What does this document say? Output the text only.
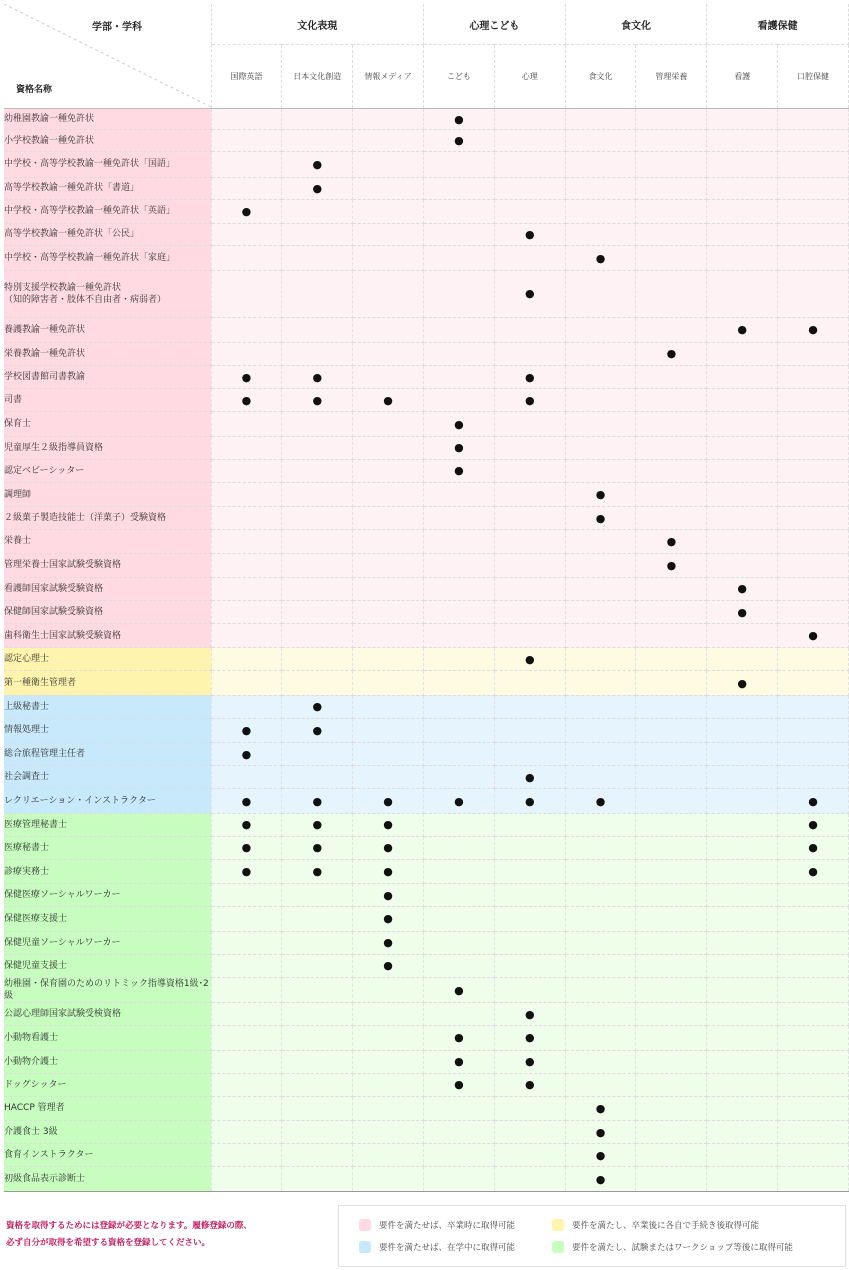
学部・学科
資格名称	文化表現			心理こども		食文化		看護保健	
	国際英語	日本文化創造	情報メディア	こども	心理	食文化	管理栄養	看護	口腔保健
幼稚園教諭一種免許状				●					
小学校教諭一種免許状				●					
中学校・高等学校教諭一種免許状「国語」		●							
高等学校教諭一種免許状「書道」		●							
中学校・高等学校教諭一種免許状「英語」	●								
高等学校教諭一種免許状「公民」					●				
中学校・高等学校教諭一種免許状「家庭」						●			
特別支援学校教諭一種免許状
（知的障害者・肢体不自由者・病弱者）					●				
養護教諭一種免許状								●	●
栄養教諭一種免許状							●		
学校図書館司書教諭	●	●			●				
司書	●	●	●		●				
保育士				●					
児童厚生２級指導員資格				●					
認定ベビーシッター				●					
調理師						●			
２級菓子製造技能士（洋菓子）受験資格						●			
栄養士							●		
管理栄養士国家試験受験資格							●		
看護師国家試験受験資格								●	
保健師国家試験受験資格								●	
歯科衛生士国家試験受験資格									●
認定心理士					●				
第一種衛生管理者								●	
上級秘書士		●							
情報処理士	●	●							
総合旅程管理主任者	●								
社会調査士					●				
レクリエーション・インストラクター	●	●	●	●	●	●			●
医療管理秘書士	●	●	●						●
医療秘書士	●	●	●						●
診療実務士	●	●	●						●
保健医療ソーシャルワーカー			●						
保健医療支援士			●						
保健児童ソーシャルワーカー			●						
保健児童支援士			●						
幼稚園・保育園のためのリトミック指導資格1級･2級				●					
公認心理師国家試験受検資格					●				
小動物看護士				●	●				
小動物介護士				●	●				
ドッグシッター				●	●				
HACCP 管理者						●			
介護食士 3級						●			
食育インストラクター						●			
初級食品表示診断士						●			
資格を取得するためには登録が必要となります。履修登録の際、
必ず自分が取得を希望する資格を登録してください。
要件を満たせば、卒業時に取得可能	要件を満たし、卒業後に各自で手続き後取得可能
要件を満たせば、在学中に取得可能	要件を満たし、試験またはワークショップ等後に取得可能
